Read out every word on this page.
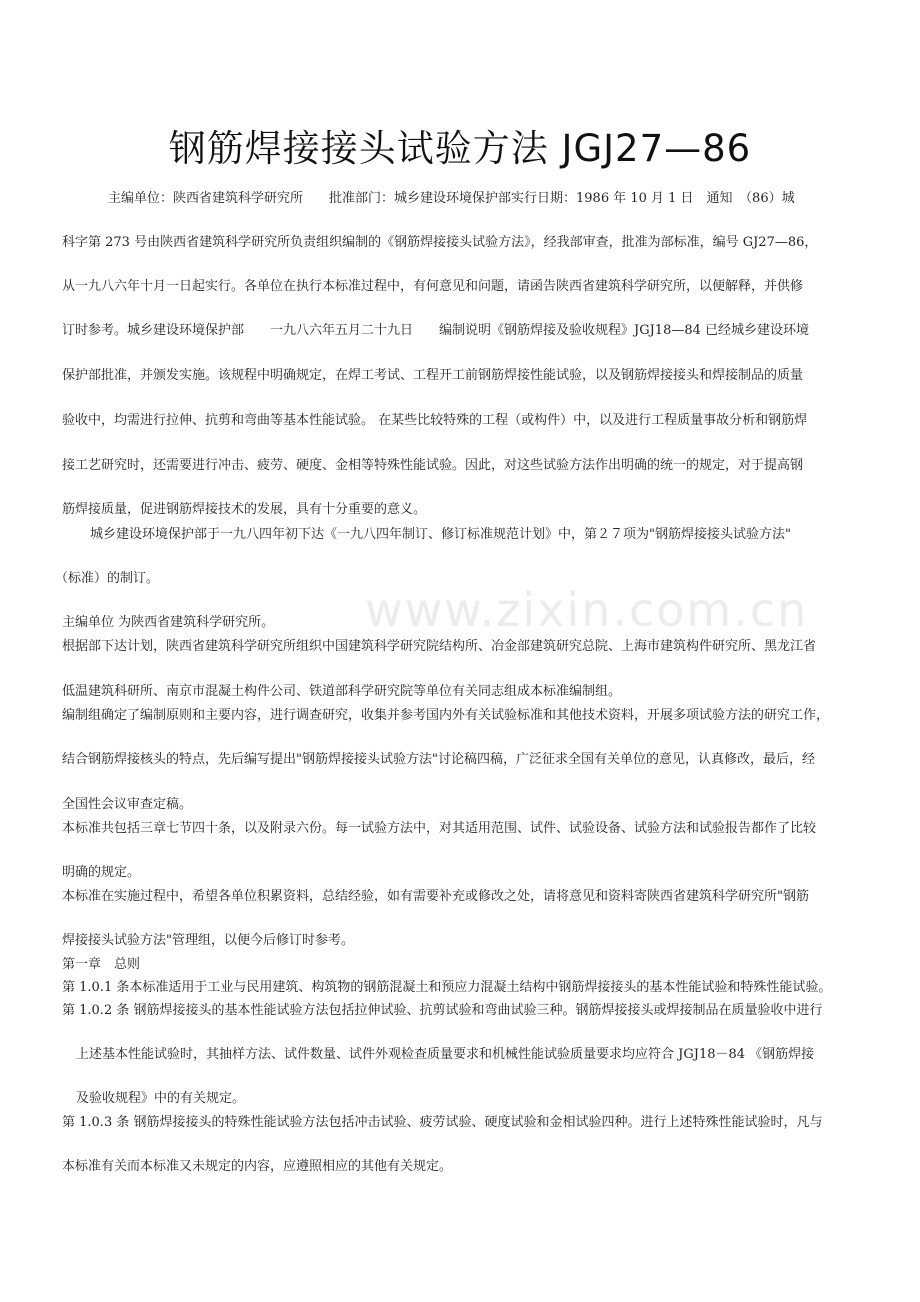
钢筋焊接接头试验方法 JGJ27—86
www.zixin.com.cn
主编单位：陕西省建筑科学研究所　　批准部门：城乡建设环境保护部实行日期：1986 年 10 月 1 日　通知　（86）城
科字第 273 号由陕西省建筑科学研究所负责组织编制的《钢筋焊接接头试验方法》，经我部审查，批准为部标准，编号 GJ27—86，
从一九八六年十月一日起实行。各单位在执行本标准过程中，有何意见和问题，请函告陕西省建筑科学研究所，以便解释，并供修
订时参考。城乡建设环境保护部　　一九八六年五月二十九日　　编制说明《钢筋焊接及验收规程》JGJ18—84 已经城乡建设环境
保护部批准，并颁发实施。该规程中明确规定，在焊工考试、工程开工前钢筋焊接性能试验，以及钢筋焊接接头和焊接制品的质量
验收中，均需进行拉伸、抗剪和弯曲等基本性能试验。 在某些比较特殊的工程（或构件）中，以及进行工程质量事故分析和钢筋焊
接工艺研究时，还需要进行冲击、疲劳、硬度、金相等特殊性能试验。因此，对这些试验方法作出明确的统一的规定，对于提高钢
筋焊接质量，促进钢筋焊接技术的发展，具有十分重要的意义。
城乡建设环境保护部于一九八四年初下达《一九八四年制订、修订标准规范计划》中，第２７项为"钢筋焊接接头试验方法"
（标准）的制订。
主编单位 为陕西省建筑科学研究所。
根据部下达计划，陕西省建筑科学研究所组织中国建筑科学研究院结构所、冶金部建筑研究总院、上海市建筑构件研究所、黑龙江省
低温建筑科研所、南京市混凝土构件公司、铁道部科学研究院等单位有关同志组成本标准编制组。
编制组确定了编制原则和主要内容，进行调查研究，收集并参考国内外有关试验标准和其他技术资料，开展多项试验方法的研究工作，
结合钢筋焊接核头的特点，先后编写提出"钢筋焊接接头试验方法"讨论稿四稿，广泛征求全国有关单位的意见，认真修改，最后，经
全国性会议审查定稿。
本标准共包括三章七节四十条，以及附录六份。每一试验方法中，对其适用范围、试件、试验设备、试验方法和试验报告都作了比较
明确的规定。
本标准在实施过程中，希望各单位积累资料，总结经验，如有需要补充或修改之处，请将意见和资料寄陕西省建筑科学研究所"钢筋
焊接接头试验方法"管理组，以便今后修订时参考。
第一章　总则
第 1.0.1 条本标准适用于工业与民用建筑、构筑物的钢筋混凝土和预应力混凝土结构中钢筋焊接接头的基本性能试验和特殊性能试验。
第 1.0.2 条 钢筋焊接接头的基本性能试验方法包括拉伸试验、抗剪试验和弯曲试验三种。钢筋焊接接头或焊接制品在质量验收中进行
上述基本性能试验时，其抽样方法、试件数量、试件外观检查质量要求和机械性能试验质量要求均应符合 JGJ18－84 《钢筋焊接
及验收规程》中的有关规定。
第 1.0.3 条 钢筋焊接接头的特殊性能试验方法包括冲击试验、疲劳试验、硬度试验和金相试验四种。进行上述特殊性能试验时，凡与
本标准有关而本标准又未规定的内容，应遵照相应的其他有关规定。
